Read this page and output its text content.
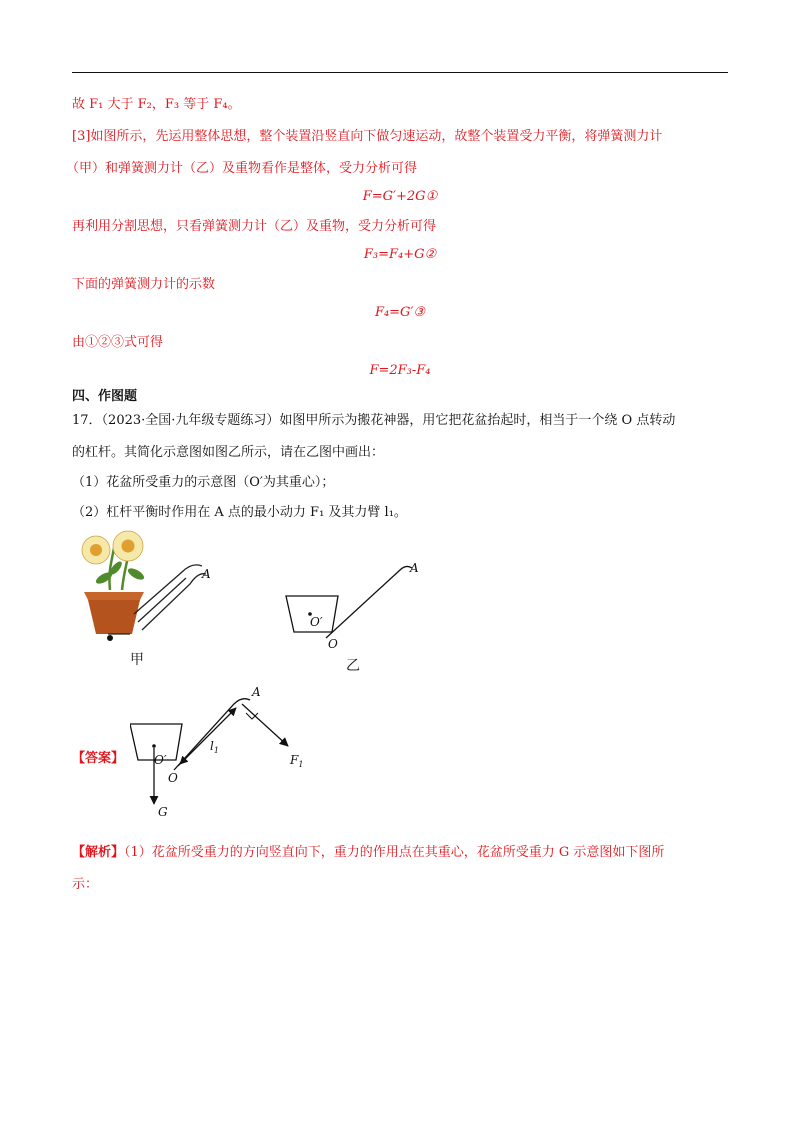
故 F₁ 大于 F₂，F₃ 等于 F₄。
[3]如图所示，先运用整体思想，整个装置沿竖直向下做匀速运动，故整个装置受力平衡，将弹簧测力计
（甲）和弹簧测力计（乙）及重物看作是整体，受力分析可得
F=G′+2G①
再利用分割思想，只看弹簧测力计（乙）及重物，受力分析可得
F₃=F₄+G②
下面的弹簧测力计的示数
F₄=G′③
由①②③式可得
F=2F₃-F₄
四、作图题
17．（2023·全国·九年级专题练习）如图甲所示为搬花神器，用它把花盆抬起时，相当于一个绕 O 点转动
的杠杆。其简化示意图如图乙所示，请在乙图中画出：
（1）花盆所受重力的示意图（O′为其重心）；
（2）杠杆平衡时作用在 A 点的最小动力 F₁ 及其力臂 l₁。
A
甲
O′
O
A
乙
【答案】 O′
G
O
A
$l_1$
$F_1$
【解析】（1）花盆所受重力的方向竖直向下，重力的作用点在其重心，花盆所受重力 G 示意图如下图所
示：
